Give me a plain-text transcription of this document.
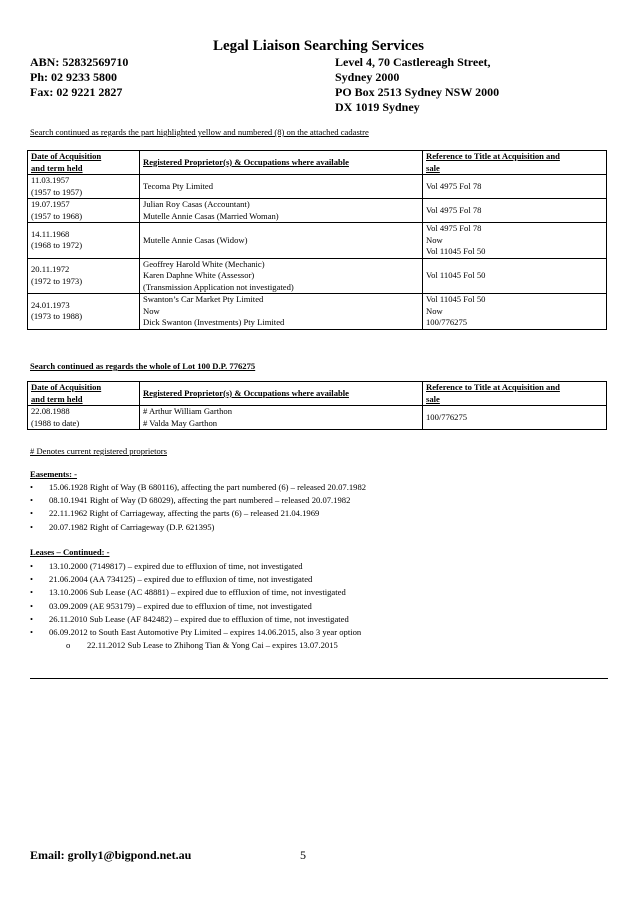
Legal Liaison Searching Services
ABN: 52832569710
Ph: 02 9233 5800
Fax: 02 9221 2827
Level 4, 70 Castlereagh Street,
Sydney 2000
PO Box 2513 Sydney NSW 2000
DX 1019 Sydney
Search continued as regards the part highlighted yellow and numbered (8) on the attached cadastre
Date of Acquisition
and term held	Registered Proprietor(s) & Occupations where available	Reference to Title at Acquisition and
sale

11.03.1957
(1957 to 1957)	Tecoma Pty Limited	Vol 4975 Fol 78

19.07.1957
(1957 to 1968)	Julian Roy Casas (Accountant)
Mutelle Annie Casas (Married Woman)	Vol 4975 Fol 78

14.11.1968
(1968 to 1972)	Mutelle Annie Casas (Widow)	Vol 4975 Fol 78
Now
Vol 11045 Fol 50

20.11.1972
(1972 to 1973)	Geoffrey Harold White (Mechanic)
Karen Daphne White (Assessor)
(Transmission Application not investigated)	Vol 11045 Fol 50

24.01.1973
(1973 to 1988)	Swanton’s Car Market Pty Limited
Now
Dick Swanton (Investments) Pty Limited	Vol 11045 Fol 50
Now
100/776275
Search continued as regards the whole of Lot 100 D.P. 776275
Date of Acquisition
and term held	Registered Proprietor(s) & Occupations where available	Reference to Title at Acquisition and
sale

22.08.1988
(1988 to date)	# Arthur William Garthon
# Valda May Garthon	100/776275
# Denotes current registered proprietors
Easements: -
• 15.06.1928 Right of Way (B 680116), affecting the part numbered (6) – released 20.07.1982
• 08.10.1941 Right of Way (D 68029), affecting the part numbered – released 20.07.1982
• 22.11.1962 Right of Carriageway, affecting the parts (6) – released 21.04.1969
• 20.07.1982 Right of Carriageway (D.P. 621395)
Leases – Continued: -
• 13.10.2000 (7149817) – expired due to effluxion of time, not investigated
• 21.06.2004 (AA 734125) – expired due to effluxion of time, not investigated
• 13.10.2006 Sub Lease (AC 48881) – expired due to effluxion of time, not investigated
• 03.09.2009 (AE 953179) – expired due to effluxion of time, not investigated
• 26.11.2010 Sub Lease (AF 842482) – expired due to effluxion of time, not investigated
• 06.09.2012 to South East Automotive Pty Limited – expires 14.06.2015, also 3 year option
o 22.11.2012 Sub Lease to Zhihong Tian & Yong Cai – expires 13.07.2015
Email: grolly1@bigpond.net.au	5
